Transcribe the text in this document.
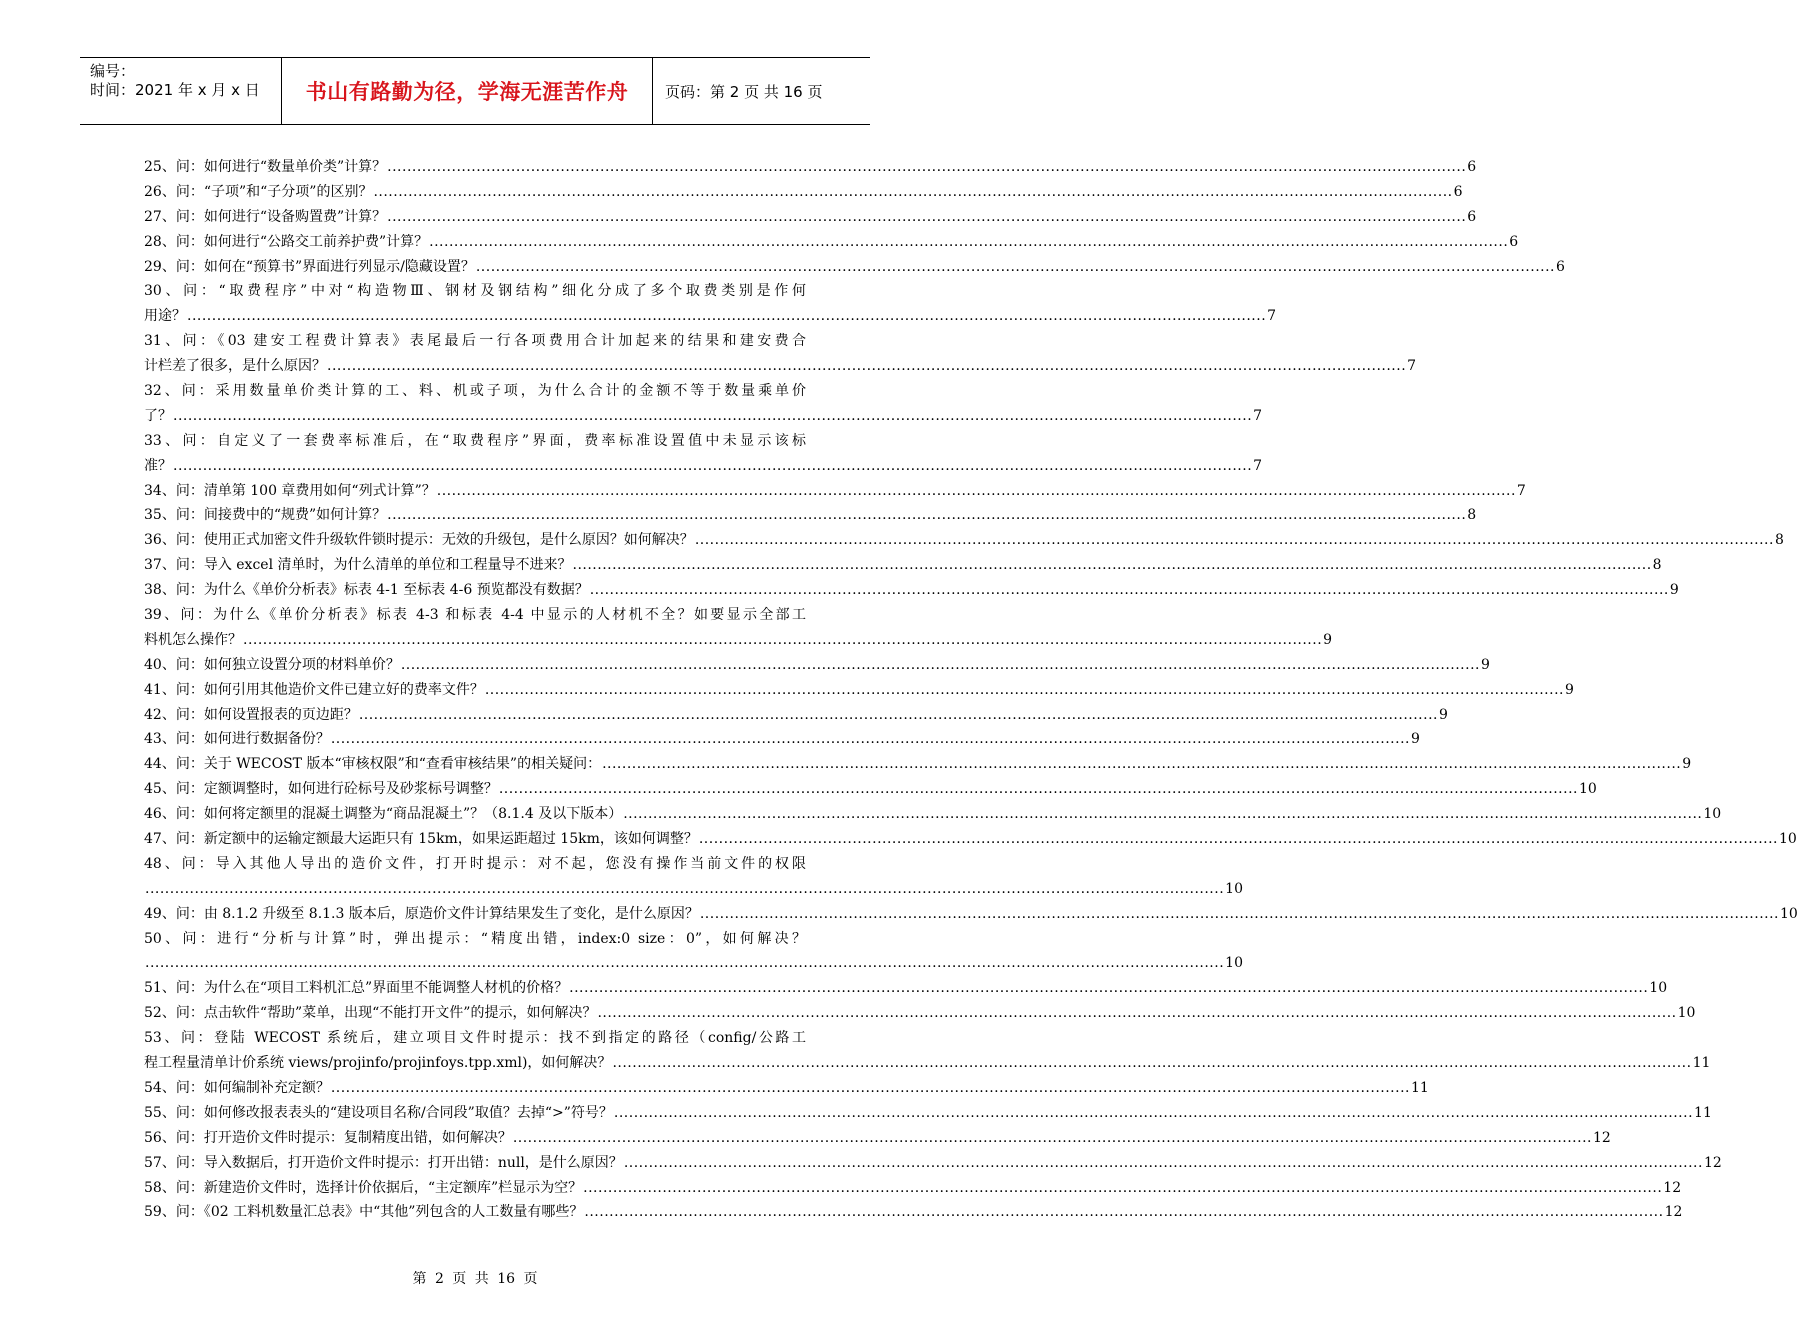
编号：
时间：2021 年 x 月 x 日	书山有路勤为径，学海无涯苦作舟 页码：第 2 页 共 16 页
25、问：如何进行“数量单价类”计算？ .....	6
26、问：“子项”和“子分项”的区别？ .....	6
27、问：如何进行“设备购置费”计算？ .....	6
28、问：如何进行“公路交工前养护费”计算？ .....	6
29、问：如何在“预算书”界面进行列显示/隐藏设置？ .....	6
30、问：“取费程序”中对“构造物Ⅲ、钢材及钢结构”细化分成了多个取费类别是作何
用途？ .....	7
31、问：《03 建安工程费计算表》表尾最后一行各项费用合计加起来的结果和建安费合
计栏差了很多，是什么原因？ .....	7
32、问：采用数量单价类计算的工、料、机或子项，为什么合计的金额不等于数量乘单价
了？ .....	7
33、问：自定义了一套费率标准后，在“取费程序”界面，费率标准设置值中未显示该标
准？ .....	7
34、问：清单第 100 章费用如何“列式计算”？ .....	7
35、问：间接费中的“规费”如何计算？ .....	8
36、问：使用正式加密文件升级软件锁时提示：无效的升级包，是什么原因？如何解决？ .....	8
37、问：导入 excel 清单时，为什么清单的单位和工程量导不进来？ .....	8
38、问：为什么《单价分析表》标表 4-1 至标表 4-6 预览都没有数据？ .....	9
39、问：为什么《单价分析表》标表 4-3 和标表 4-4 中显示的人材机不全？如要显示全部工
料机怎么操作？ .....	9
40、问：如何独立设置分项的材料单价？ .....	9
41、问：如何引用其他造价文件已建立好的费率文件？ .....	9
42、问：如何设置报表的页边距？ .....	9
43、问：如何进行数据备份？ .....	9
44、问：关于 WECOST 版本“审核权限”和“查看审核结果”的相关疑问： .....	9
45、问：定额调整时，如何进行砼标号及砂浆标号调整？ .....	10
46、问：如何将定额里的混凝土调整为“商品混凝土”？（8.1.4 及以下版本） .....	10
47、问：新定额中的运输定额最大运距只有 15km，如果运距超过 15km，该如何调整？ .....	10
48、问：导入其他人导出的造价文件，打开时提示：对不起，您没有操作当前文件的权限
.....
10
49、问：由 8.1.2 升级至 8.1.3 版本后，原造价文件计算结果发生了变化，是什么原因？ .....	10
50、问：进行“分析与计算”时，弹出提示：“精度出错，index:0 size：0”，如何解决？
.....
10
51、问：为什么在“项目工料机汇总”界面里不能调整人材机的价格？ .....	10
52、问：点击软件“帮助”菜单，出现“不能打开文件”的提示，如何解决？ .....	10
53、问：登陆 WECOST 系统后，建立项目文件时提示：找不到指定的路径（config/公路工
程工程量清单计价系统 views/projinfo/projinfoys.tpp.xml)，如何解决？ .....	11
54、问：如何编制补充定额？ .....	11
55、问：如何修改报表表头的“建设项目名称/合同段”取值？去掉“>”符号？ .....	11
56、问：打开造价文件时提示：复制精度出错，如何解决？ .....	12
57、问：导入数据后，打开造价文件时提示：打开出错：null，是什么原因？ .....	12
58、问：新建造价文件时，选择计价依据后，“主定额库”栏显示为空？ .....	12
59、问：《02 工料机数量汇总表》中“其他”列包含的人工数量有哪些？ .....	12
第 2 页 共 16 页
